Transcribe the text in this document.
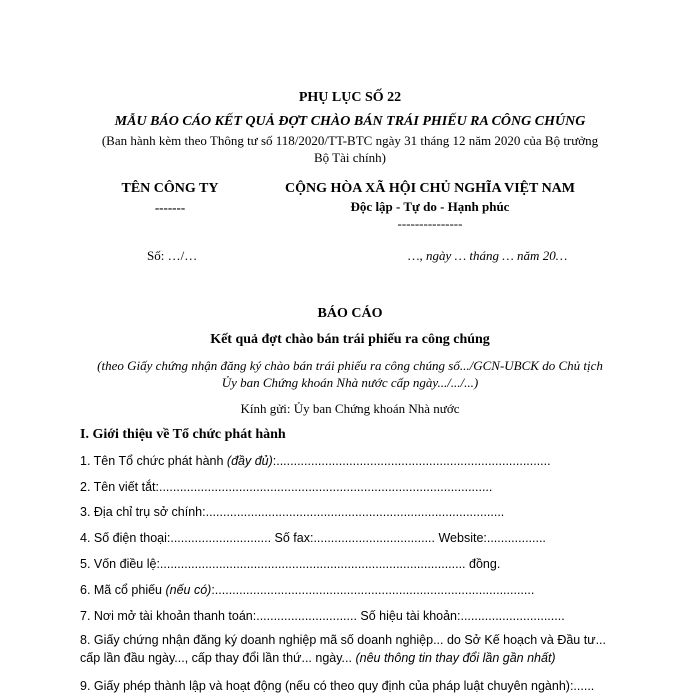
PHỤ LỤC SỐ 22
MẪU BÁO CÁO KẾT QUẢ ĐỢT CHÀO BÁN TRÁI PHIẾU RA CÔNG CHÚNG
(Ban hành kèm theo Thông tư số 118/2020/TT-BTC ngày 31 tháng 12 năm 2020 của Bộ trưởng
Bộ Tài chính)
TÊN CÔNG TY
-------
CỘNG HÒA XÃ HỘI CHỦ NGHĨA VIỆT NAM
Độc lập - Tự do - Hạnh phúc
---------------
Số: …/…	…, ngày … tháng … năm 20…
BÁO CÁO
Kết quả đợt chào bán trái phiếu ra công chúng
(theo Giấy chứng nhận đăng ký chào bán trái phiếu ra công chúng số.../GCN-UBCK do Chủ tịch
Ủy ban Chứng khoán Nhà nước cấp ngày.../.../...)
Kính gửi: Ủy ban Chứng khoán Nhà nước
I. Giới thiệu về Tổ chức phát hành
1. Tên Tổ chức phát hành (đầy đủ):...............................................................................
2. Tên viết tắt:................................................................................................
3. Địa chỉ trụ sở chính:......................................................................................
4. Số điện thoại:............................. Số fax:................................... Website:.................
5. Vốn điều lệ:........................................................................................ đồng.
6. Mã cổ phiếu (nếu có):............................................................................................
7. Nơi mở tài khoản thanh toán:............................. Số hiệu tài khoản:..............................
8. Giấy chứng nhận đăng ký doanh nghiệp mã số doanh nghiệp... do Sở Kế hoạch và Đầu tư...
cấp lần đầu ngày..., cấp thay đổi lần thứ... ngày... (nêu thông tin thay đổi lần gần nhất)
9. Giấy phép thành lập và hoạt động (nếu có theo quy định của pháp luật chuyên ngành):......
